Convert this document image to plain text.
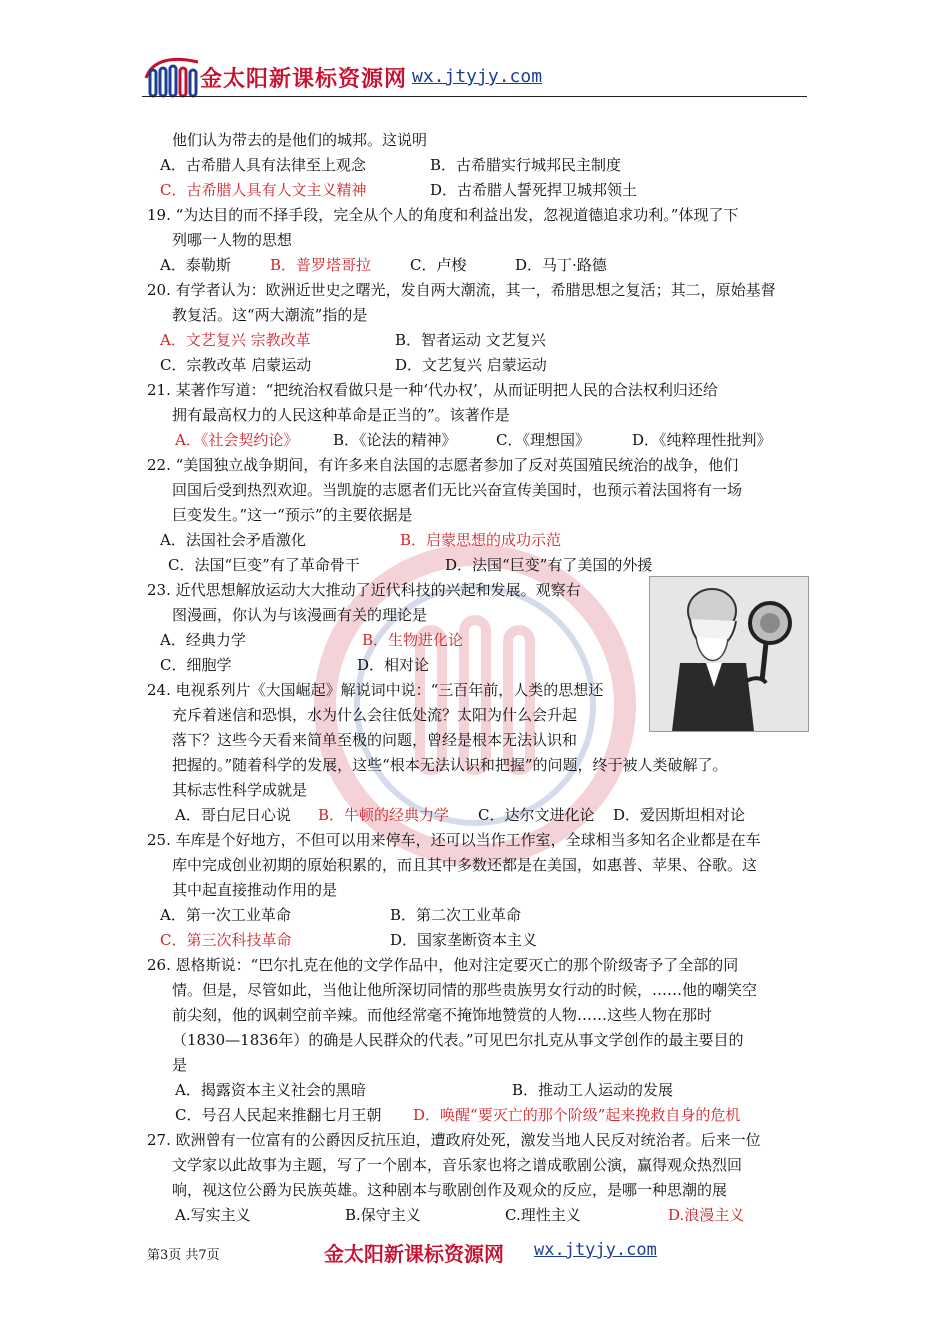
金太阳新课标资源网 wx.jtyjy.com
他们认为带去的是他们的城邦。这说明
A．古希腊人具有法律至上观念	B．古希腊实行城邦民主制度
C．古希腊人具有人文主义精神	D．古希腊人誓死捍卫城邦领土
19. “为达目的而不择手段，完全从个人的角度和利益出发，忽视道德追求功利。”体现了下
列哪一人物的思想
A．泰勒斯	B．普罗塔哥拉	C．卢梭	D．马丁·路德
20. 有学者认为：欧洲近世史之曙光，发自两大潮流，其一，希腊思想之复活；其二，原始基督
教复活。这“两大潮流”指的是
A．文艺复兴 宗教改革	B．智者运动 文艺复兴
C．宗教改革 启蒙运动	D．文艺复兴 启蒙运动
21. 某著作写道：“把统治权看做只是一种‘代办权’，从而证明把人民的合法权利归还给
拥有最高权力的人民这种革命是正当的”。该著作是
A．《社会契约论》 B．《论法的精神》	C．《理想国》	D．《纯粹理性批判》
22. “美国独立战争期间，有许多来自法国的志愿者参加了反对英国殖民统治的战争，他们
回国后受到热烈欢迎。当凯旋的志愿者们无比兴奋宣传美国时，也预示着法国将有一场
巨变发生。”这一“预示”的主要依据是
A．法国社会矛盾激化	B．启蒙思想的成功示范
C．法国“巨变”有了革命骨干	D．法国“巨变”有了美国的外援
23. 近代思想解放运动大大推动了近代科技的兴起和发展。观察右
图漫画，你认为与该漫画有关的理论是
A．经典力学	B．生物进化论
C．细胞学	D．相对论
24. 电视系列片《大国崛起》解说词中说：“三百年前，人类的思想还
充斥着迷信和恐惧，水为什么会往低处流？太阳为什么会升起
落下？这些今天看来简单至极的问题，曾经是根本无法认识和
把握的。”随着科学的发展，这些“根本无法认识和把握”的问题，终于被人类破解了。
其标志性科学成就是
A．哥白尼日心说 B．牛顿的经典力学 C．达尔文进化论 D．爱因斯坦相对论
25. 车库是个好地方，不但可以用来停车，还可以当作工作室，全球相当多知名企业都是在车
库中完成创业初期的原始积累的，而且其中多数还都是在美国，如惠普、苹果、谷歌。这
其中起直接推动作用的是
A．第一次工业革命	B．第二次工业革命
C．第三次科技革命	D．国家垄断资本主义
26. 恩格斯说：“巴尔扎克在他的文学作品中，他对注定要灭亡的那个阶级寄予了全部的同
情。但是，尽管如此，当他让他所深切同情的那些贵族男女行动的时候，……他的嘲笑空
前尖刻，他的讽刺空前辛辣。而他经常毫不掩饰地赞赏的人物……这些人物在那时
（1830—1836年）的确是人民群众的代表。”可见巴尔扎克从事文学创作的最主要目的
是
A．揭露资本主义社会的黑暗	B．推动工人运动的发展
C．号召人民起来推翻七月王朝 D．唤醒“要灭亡的那个阶级”起来挽救自身的危机
27. 欧洲曾有一位富有的公爵因反抗压迫，遭政府处死，激发当地人民反对统治者。后来一位
文学家以此故事为主题，写了一个剧本，音乐家也将之谱成歌剧公演，赢得观众热烈回
响，视这位公爵为民族英雄。这种剧本与歌剧创作及观众的反应，是哪一种思潮的展
A.写实主义	B.保守主义	C.理性主义	D.浪漫主义
第3页 共7页	金太阳新课标资源网 wx.jtyjy.com
